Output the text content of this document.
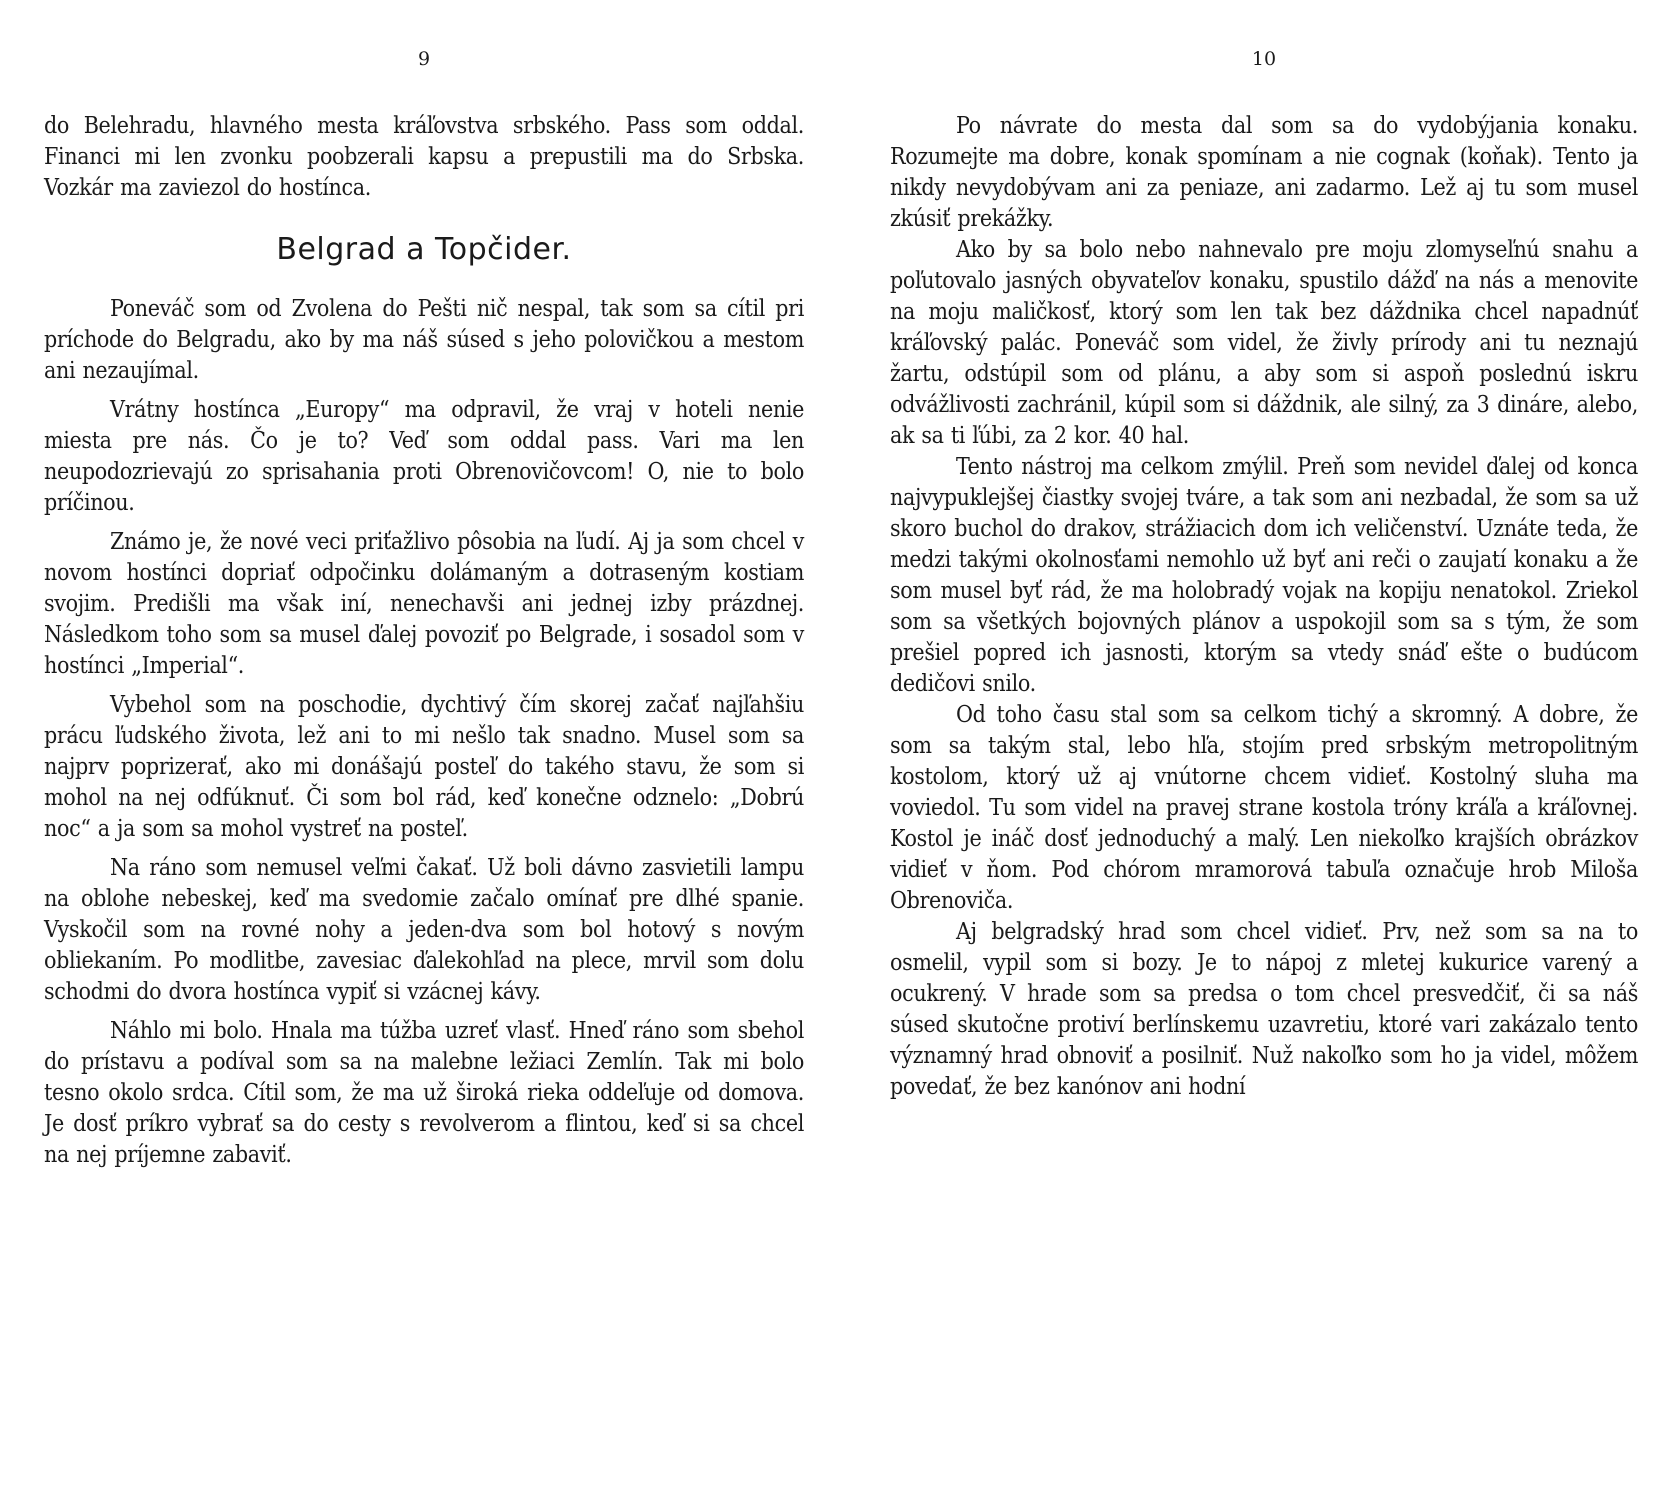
9

do Belehradu, hlavného mesta kráľovstva srbského. Pass som oddal. Financi mi len zvonku poobzerali kapsu a prepustili ma do Srbska. Vozkár ma zaviezol do hostínca.

Belgrad a Topčider.

Poneváč som od Zvolena do Pešti nič nespal, tak som sa cítil pri príchode do Belgradu, ako by ma náš súsed s jeho polovičkou a mestom ani nezaujímal.

Vrátny hostínca „Europy“ ma odpravil, že vraj v hoteli nenie miesta pre nás. Čo je to? Veď som oddal pass. Vari ma len neupodozrievajú zo sprisahania proti Obrenovičovcom! O, nie to bolo príčinou.

Známo je, že nové veci priťažlivo pôsobia na ľudí. Aj ja som chcel v novom hostínci dopriať odpočinku dolámaným a dotraseným kostiam svojim. Predišli ma však iní, nenechavši ani jednej izby prázdnej. Následkom toho som sa musel ďalej povoziť po Belgrade, i sosadol som v hostínci „Imperial“.

Vybehol som na poschodie, dychtivý čím skorej začať najľahšiu prácu ľudského života, lež ani to mi nešlo tak snadno. Musel som sa najprv poprizerať, ako mi donášajú posteľ do takého stavu, že som si mohol na nej odfúknuť. Či som bol rád, keď konečne odznelo: „Dobrú noc“ a ja som sa mohol vystreť na posteľ.

Na ráno som nemusel veľmi čakať. Už boli dávno zasvietili lampu na oblohe nebeskej, keď ma svedomie začalo omínať pre dlhé spanie. Vyskočil som na rovné nohy a jeden-dva som bol hotový s novým obliekaním. Po modlitbe, zavesiac ďalekohľad na plece, mrvil som dolu schodmi do dvora hostínca vypiť si vzácnej kávy.

Náhlo mi bolo. Hnala ma túžba uzreť vlasť. Hneď ráno som sbehol do prístavu a podíval som sa na malebne ležiaci Zemlín. Tak mi bolo tesno okolo srdca. Cítil som, že ma už široká rieka oddeľuje od domova. Je dosť príkro vybrať sa do cesty s revolverom a flintou, keď si sa chcel na nej príjemne zabaviť.

10

Po návrate do mesta dal som sa do vydobýjania konaku. Rozumejte ma dobre, konak spomínam a nie cognak (koňak). Tento ja nikdy nevydobývam ani za peniaze, ani zadarmo. Lež aj tu som musel zkúsiť prekážky.

Ako by sa bolo nebo nahnevalo pre moju zlomyseľnú snahu a poľutovalo jasných obyvateľov konaku, spustilo dážď na nás a menovite na moju maličkosť, ktorý som len tak bez dáždnika chcel napadnúť kráľovský palác. Poneváč som videl, že živly prírody ani tu neznajú žartu, odstúpil som od plánu, a aby som si aspoň poslednú iskru odvážlivosti zachránil, kúpil som si dáždnik, ale silný, za 3 dináre, alebo, ak sa ti ľúbi, za 2 kor. 40 hal.

Tento nástroj ma celkom zmýlil. Preň som nevidel ďalej od konca najvypuklejšej čiastky svojej tváre, a tak som ani nezbadal, že som sa už skoro buchol do drakov, strážiacich dom ich veličenství. Uznáte teda, že medzi takými okolnosťami nemohlo už byť ani reči o zaujatí konaku a že som musel byť rád, že ma holobradý vojak na kopiju nenatokol. Zriekol som sa všetkých bojovných plánov a uspokojil som sa s tým, že som prešiel popred ich jasnosti, ktorým sa vtedy snáď ešte o budúcom dedičovi snilo.

Od toho času stal som sa celkom tichý a skromný. A dobre, že som sa takým stal, lebo hľa, stojím pred srbským metropolitným kostolom, ktorý už aj vnútorne chcem vidieť. Kostolný sluha ma voviedol. Tu som videl na pravej strane kostola tróny kráľa a kráľovnej. Kostol je ináč dosť jednoduchý a malý. Len niekoľko krajších obrázkov vidieť v ňom. Pod chórom mramorová tabuľa označuje hrob Miloša Obrenoviča.

Aj belgradský hrad som chcel vidieť. Prv, než som sa na to osmelil, vypil som si bozy. Je to nápoj z mletej kukurice varený a ocukrený. V hrade som sa predsa o tom chcel presvedčiť, či sa náš súsed skutočne protiví berlínskemu uzavretiu, ktoré vari zakázalo tento významný hrad obnoviť a posilniť. Nuž nakoľko som ho ja videl, môžem povedať, že bez kanónov ani hodní
